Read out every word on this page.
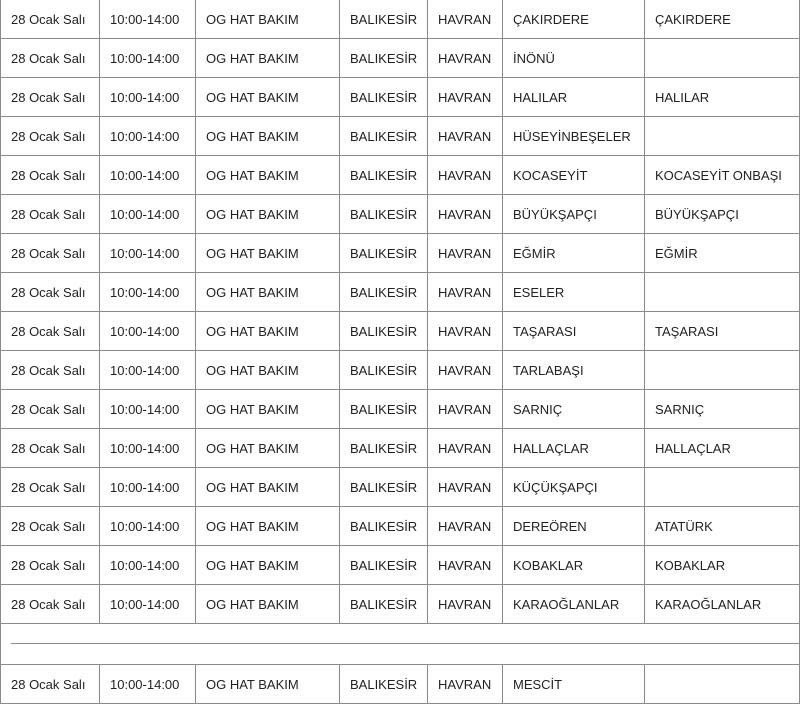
28 Ocak Salı	10:00-14:00	OG HAT BAKIM	BALIKESİR	HAVRAN	ÇAKIRDERE	ÇAKIRDERE
28 Ocak Salı	10:00-14:00	OG HAT BAKIM	BALIKESİR	HAVRAN	İNÖNÜ	
28 Ocak Salı	10:00-14:00	OG HAT BAKIM	BALIKESİR	HAVRAN	HALILAR	HALILAR
28 Ocak Salı	10:00-14:00	OG HAT BAKIM	BALIKESİR	HAVRAN	HÜSEYİNBEŞELER	
28 Ocak Salı	10:00-14:00	OG HAT BAKIM	BALIKESİR	HAVRAN	KOCASEYİT	KOCASEYİT ONBAŞI
28 Ocak Salı	10:00-14:00	OG HAT BAKIM	BALIKESİR	HAVRAN	BÜYÜKŞAPÇI	BÜYÜKŞAPÇI
28 Ocak Salı	10:00-14:00	OG HAT BAKIM	BALIKESİR	HAVRAN	EĞMİR	EĞMİR
28 Ocak Salı	10:00-14:00	OG HAT BAKIM	BALIKESİR	HAVRAN	ESELER	
28 Ocak Salı	10:00-14:00	OG HAT BAKIM	BALIKESİR	HAVRAN	TAŞARASI	TAŞARASI
28 Ocak Salı	10:00-14:00	OG HAT BAKIM	BALIKESİR	HAVRAN	TARLABAŞI	
28 Ocak Salı	10:00-14:00	OG HAT BAKIM	BALIKESİR	HAVRAN	SARNIÇ	SARNIÇ
28 Ocak Salı	10:00-14:00	OG HAT BAKIM	BALIKESİR	HAVRAN	HALLAÇLAR	HALLAÇLAR
28 Ocak Salı	10:00-14:00	OG HAT BAKIM	BALIKESİR	HAVRAN	KÜÇÜKŞAPÇI	
28 Ocak Salı	10:00-14:00	OG HAT BAKIM	BALIKESİR	HAVRAN	DEREÖREN	ATATÜRK
28 Ocak Salı	10:00-14:00	OG HAT BAKIM	BALIKESİR	HAVRAN	KOBAKLAR	KOBAKLAR
28 Ocak Salı	10:00-14:00	OG HAT BAKIM	BALIKESİR	HAVRAN	KARAOĞLANLAR	KARAOĞLANLAR

28 Ocak Salı	10:00-14:00	OG HAT BAKIM	BALIKESİR	HAVRAN	MESCİT	
